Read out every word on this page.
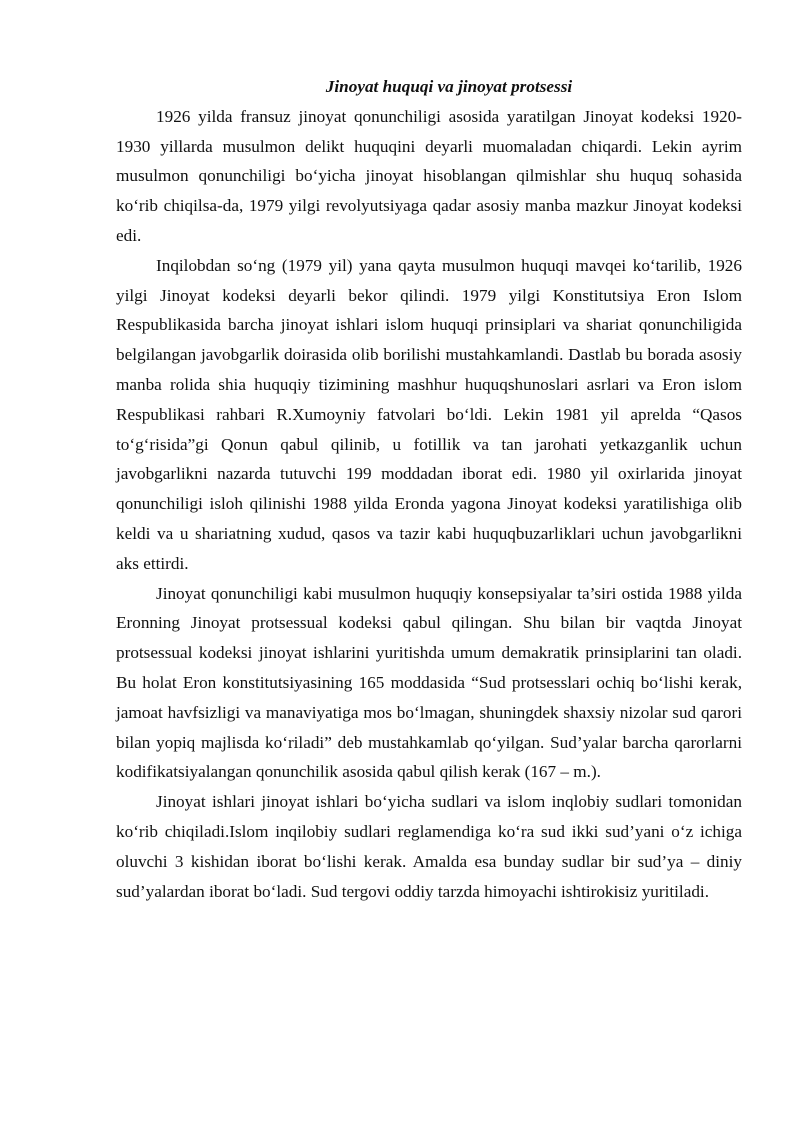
Jinoyat huquqi va jinoyat protsessi

1926 yilda fransuz jinoyat qonunchiligi asosida yaratilgan Jinoyat kodeksi 1920-1930 yillarda musulmon delikt huquqini deyarli muomaladan chiqardi. Lekin ayrim musulmon qonunchiligi bo‘yicha jinoyat hisoblangan qilmishlar shu huquq sohasida ko‘rib chiqilsa-da, 1979 yilgi revolyutsiyaga qadar asosiy manba mazkur Jinoyat kodeksi edi.

Inqilobdan so‘ng (1979 yil) yana qayta musulmon huquqi mavqei ko‘tarilib, 1926 yilgi Jinoyat kodeksi deyarli bekor qilindi. 1979 yilgi Konstitutsiya Eron Islom Respublikasida barcha jinoyat ishlari islom huquqi prinsiplari va shariat qonunchiligida belgilangan javobgarlik doirasida olib borilishi mustahkamlandi. Dastlab bu borada asosiy manba rolida shia huquqiy tizimining mashhur huquqshunoslari asrlari va Eron islom Respublikasi rahbari R.Xumoyniy fatvolari bo‘ldi. Lekin 1981 yil aprelda “Qasos to‘g‘risida”gi Qonun qabul qilinib, u fotillik va tan jarohati yetkazganlik uchun javobgarlikni nazarda tutuvchi 199 moddadan iborat edi. 1980 yil oxirlarida jinoyat qonunchiligi isloh qilinishi 1988 yilda Eronda yagona Jinoyat kodeksi yaratilishiga olib keldi va u shariatning xudud, qasos va tazir kabi huquqbuzarliklari uchun javobgarlikni aks ettirdi.

Jinoyat qonunchiligi kabi musulmon huquqiy konsepsiyalar ta’siri ostida 1988 yilda Eronning Jinoyat protsessual kodeksi qabul qilingan. Shu bilan bir vaqtda Jinoyat protsessual kodeksi jinoyat ishlarini yuritishda umum demakratik prinsiplarini tan oladi. Bu holat Eron konstitutsiyasining 165 moddasida “Sud protsesslari ochiq bo‘lishi kerak, jamoat havfsizligi va manaviyatiga mos bo‘lmagan, shuningdek shaxsiy nizolar sud qarori bilan yopiq majlisda ko‘riladi” deb mustahkamlab qo‘yilgan. Sud’yalar barcha qarorlarni kodifikatsiyalangan qonunchilik asosida qabul qilish kerak (167 – m.).

Jinoyat ishlari jinoyat ishlari bo‘yicha sudlari va islom inqlobiy sudlari tomonidan ko‘rib chiqiladi.Islom inqilobiy sudlari reglamendiga ko‘ra sud ikki sud’yani o‘z ichiga oluvchi 3 kishidan iborat bo‘lishi kerak. Amalda esa bunday sudlar bir sud’ya – diniy sud’yalardan iborat bo‘ladi. Sud tergovi oddiy tarzda himoyachi ishtirokisiz yuritiladi.
